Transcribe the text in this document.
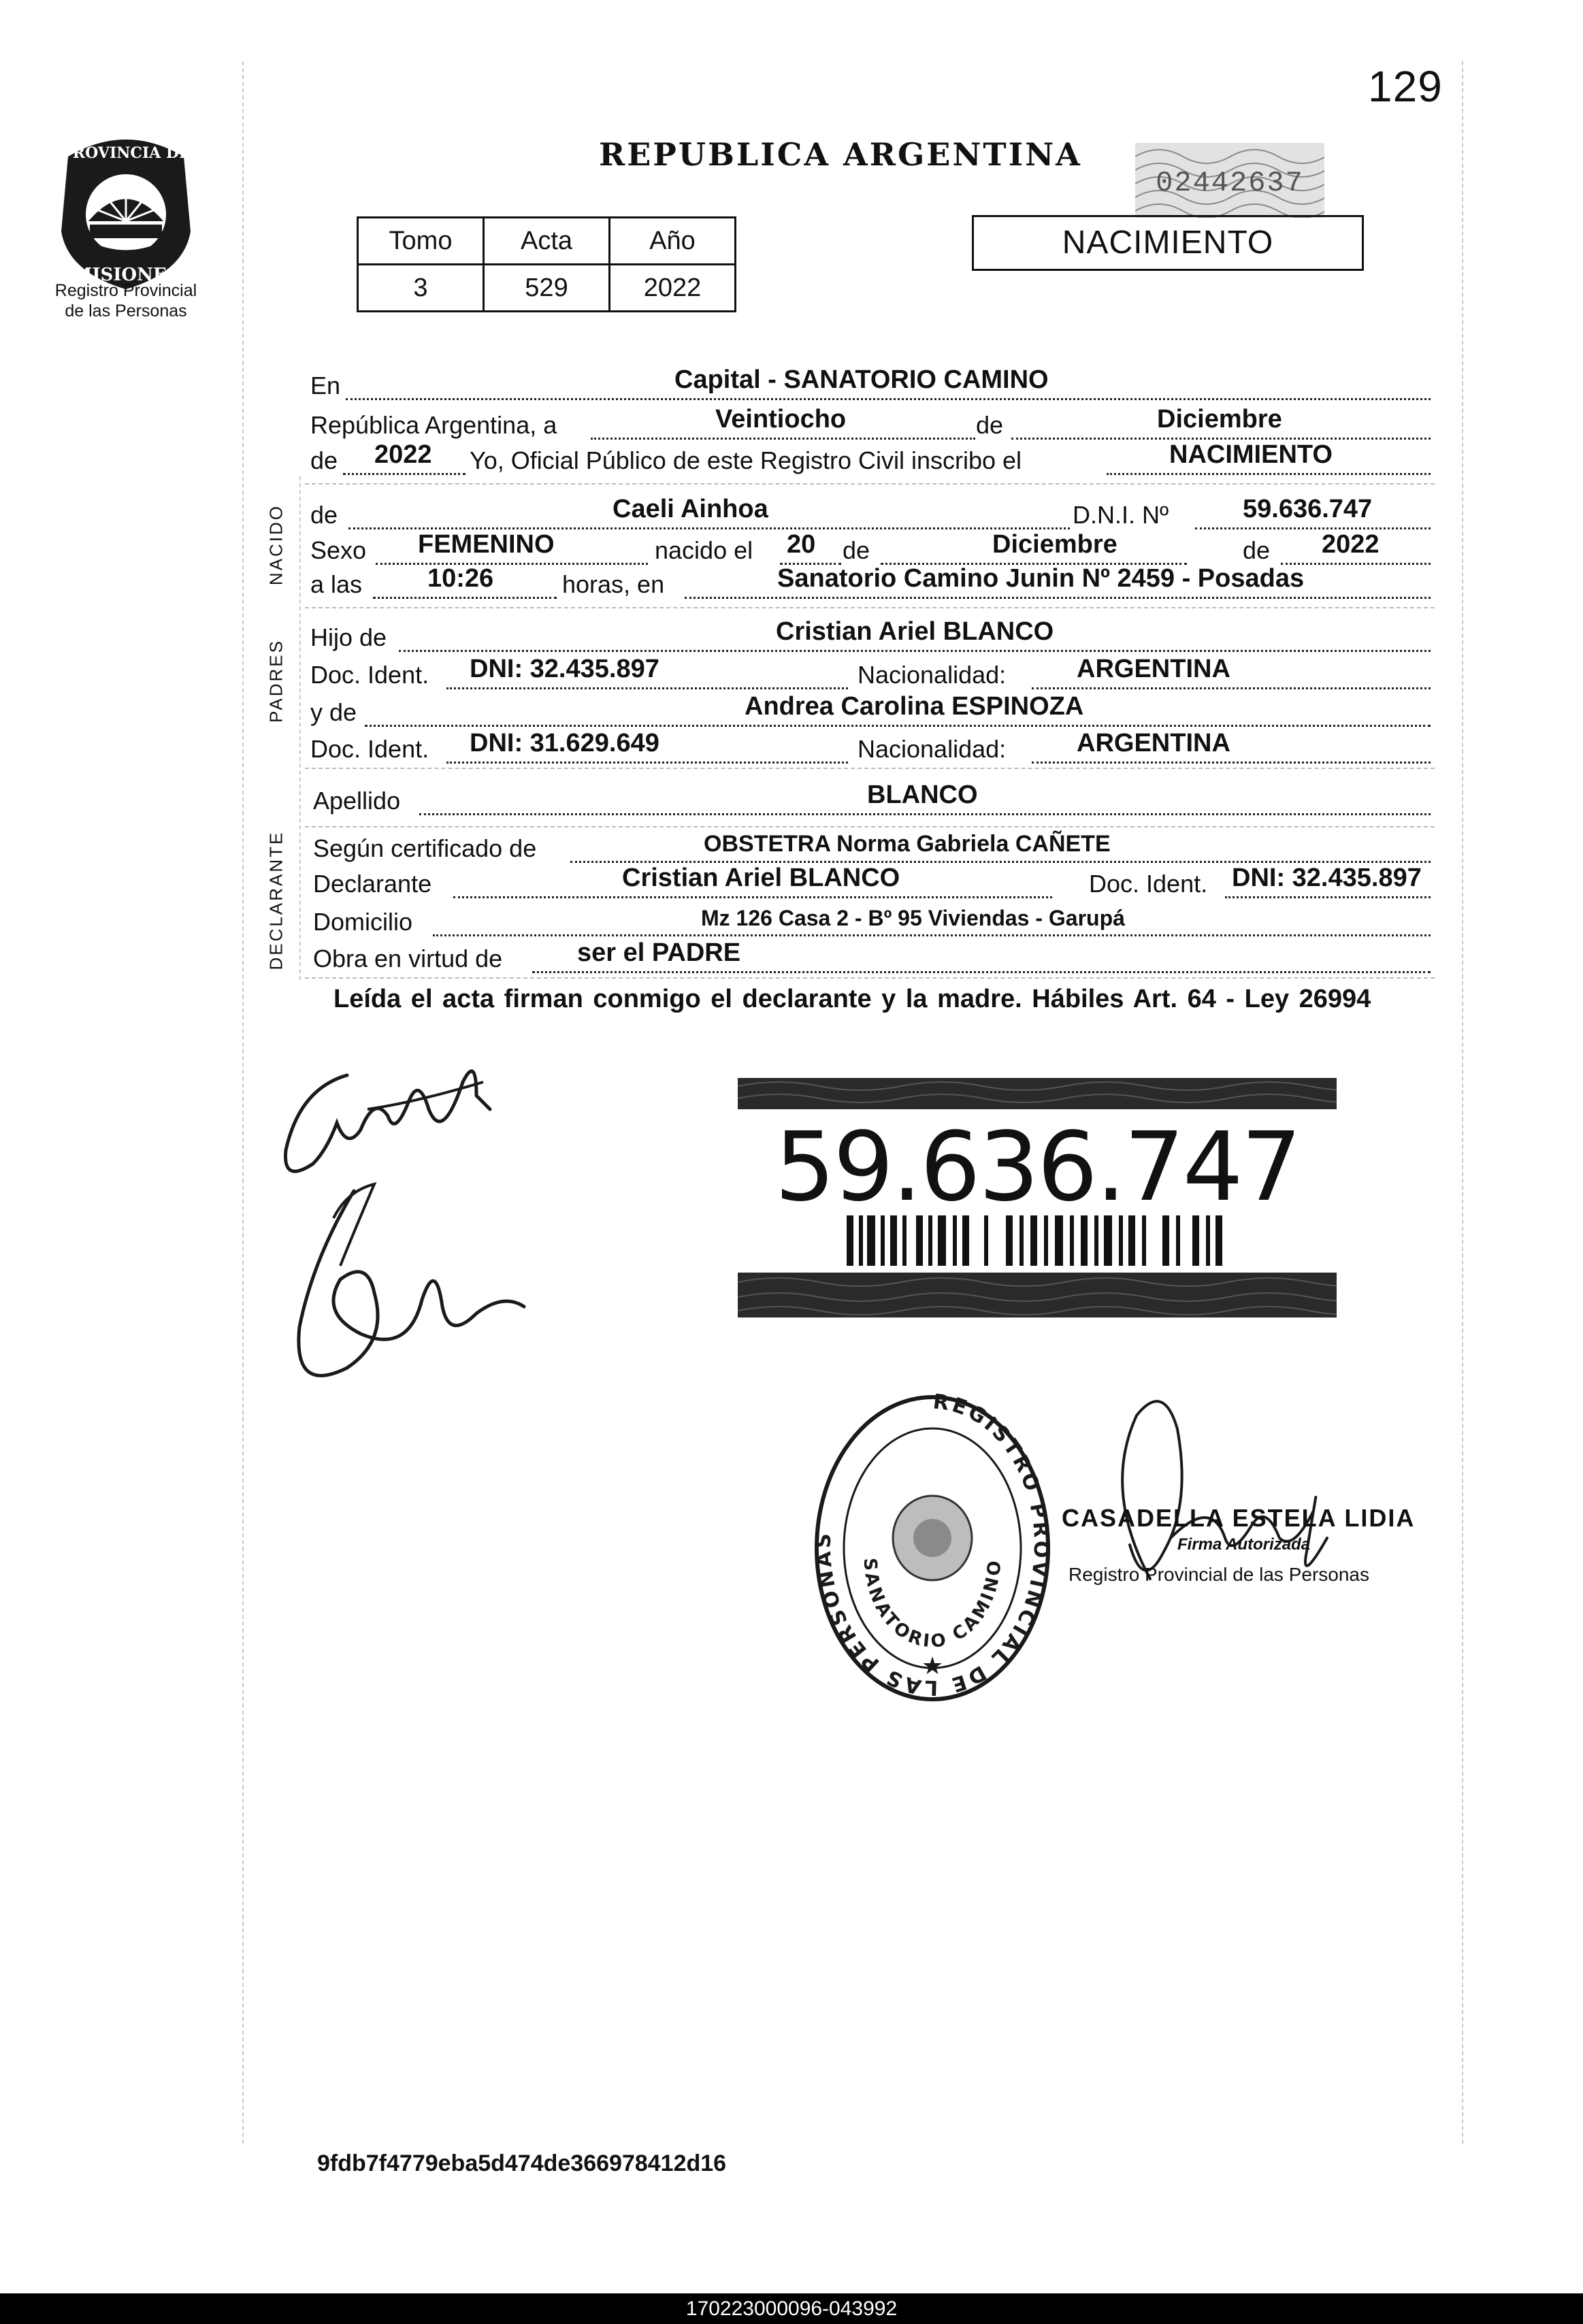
129
PROVINCIA DE
MISIONES
Registro Provincial
de las Personas
REPUBLICA ARGENTINA
02442637
Tomo	Acta	Año
3	529	2022
NACIMIENTO
En	Capital - SANATORIO CAMINO
República Argentina, a	Veintiocho	de	Diciembre
de 2022 Yo, Oficial Público de este Registro Civil inscribo el	NACIMIENTO
NACIDO de	Caeli Ainhoa	D.N.I. Nº	59.636.747
Sexo FEMENINO	nacido el 20 de	Diciembre	de 2022
a las	10:26	horas, en	Sanatorio Camino Junin Nº 2459 - Posadas
PADRES
Hijo de	Cristian Ariel BLANCO
Doc. Ident. DNI: 32.435.897	Nacionalidad:	ARGENTINA
y de	Andrea Carolina ESPINOZA
Doc. Ident. DNI: 31.629.649	Nacionalidad:	ARGENTINA
Apellido	BLANCO
DECLARANTE Según certificado de	OBSTETRA Norma Gabriela CAÑETE
Declarante	Cristian Ariel BLANCO	Doc. Ident. DNI: 32.435.897
Domicilio	Mz 126 Casa 2 - Bº 95 Viviendas - Garupá
Obra en virtud de	ser el PADRE
Leída el acta firman conmigo el declarante y la madre. Hábiles Art. 64 - Ley 26994
59.636.747
REGISTRO PROVINCIAL DE LAS PERSONAS
SANATORIO CAMINO
★
CASADELLA ESTELA LIDIA
Firma Autorizada
Registro Provincial de las Personas
9fdb7f4779eba5d474de366978412d16
170223000096-043992
